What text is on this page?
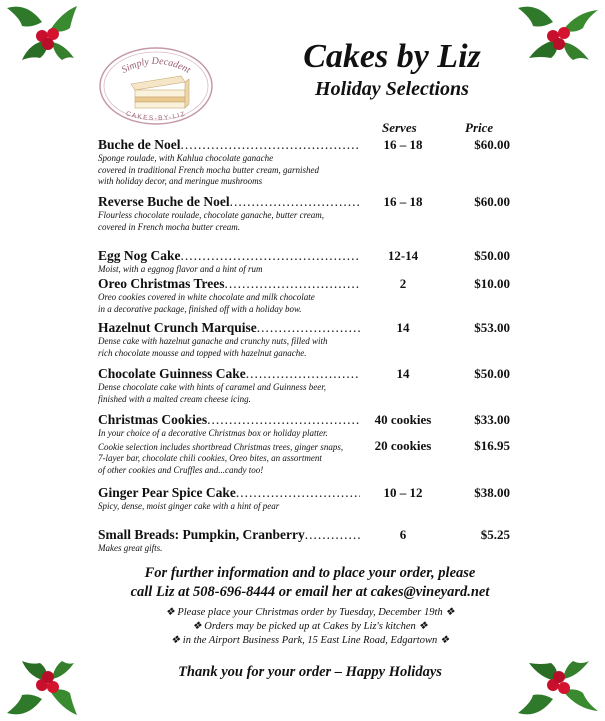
Simply Decadent
CAKES-BY-LIZ
Cakes by Liz
Holiday Selections
Serves	Price
Buche de Noel
.....
Sponge roulade, with Kahlua chocolate ganache
covered in traditional French mocha butter cream, garnished
with holiday decor, and meringue mushrooms
16 – 18	$60.00
Reverse Buche de Noel
.....
Flourless chocolate roulade, chocolate ganache, butter cream,
covered in French mocha butter cream.
16 – 18	$60.00
Egg Nog Cake
.....
Moist, with a eggnog flavor and a hint of rum
12-14	$50.00
Oreo Christmas Trees
.....
Oreo cookies covered in white chocolate and milk chocolate
in a decorative package, finished off with a holiday bow.
2	$10.00
Hazelnut Crunch Marquise
.....
Dense cake with hazelnut ganache and crunchy nuts, filled with
rich chocolate mousse and topped with hazelnut ganache.
14	$53.00
Chocolate Guinness Cake
.....
Dense chocolate cake with hints of caramel and Guinness beer,
finished with a malted cream cheese icing.
14	$50.00
Christmas Cookies
.....
In your choice of a decorative Christmas box or holiday platter.
Cookie selection includes shortbread Christmas trees, ginger snaps,
7-layer bar, chocolate chili cookies, Oreo bites, an assortment
of other cookies and Cruffles and...candy too!
40 cookies	$33.00
20 cookies	$16.95
Ginger Pear Spice Cake
.....
Spicy, dense, moist ginger cake with a hint of pear
10 – 12	$38.00
Small Breads: Pumpkin, Cranberry
.....
Makes great gifts.
6	$5.25
For further information and to place your order, please
call Liz at 508-696-8444 or email her at cakes@vineyard.net
❖ Please place your Christmas order by Tuesday, December 19th ❖
❖ Orders may be picked up at Cakes by Liz's kitchen ❖
❖ in the Airport Business Park, 15 East Line Road, Edgartown ❖
Thank you for your order – Happy Holidays
